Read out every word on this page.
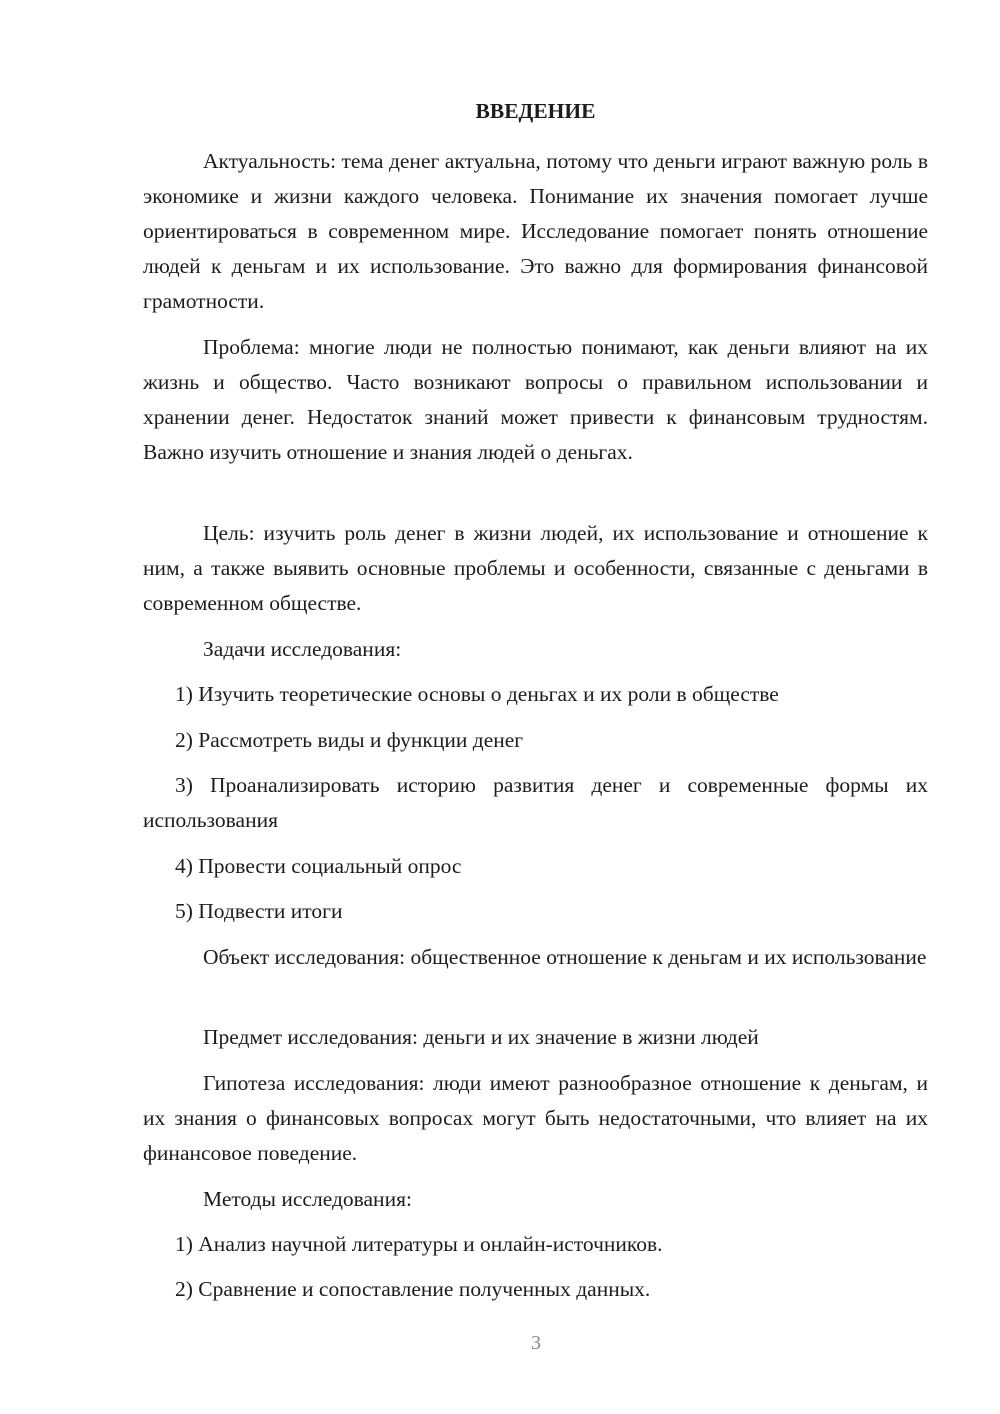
ВВЕДЕНИЕ

Актуальность: тема денег актуальна, потому что деньги играют важную роль в экономике и жизни каждого человека. Понимание их значения помогает лучше ориентироваться в современном мире. Исследование помогает понять отношение людей к деньгам и их использование. Это важно для формирования финансовой грамотности.

Проблема: многие люди не полностью понимают, как деньги влияют на их жизнь и общество. Часто возникают вопросы о правильном использовании и хранении денег. Недостаток знаний может привести к финансовым трудностям. Важно изучить отношение и знания людей о деньгах.

Цель: изучить роль денег в жизни людей, их использование и отношение к ним, а также выявить основные проблемы и особенности, связанные с деньгами в современном обществе.

Задачи исследования:

1) Изучить теоретические основы о деньгах и их роли в обществе

2) Рассмотреть виды и функции денег

3) Проанализировать историю развития денег и современные формы их использования

4) Провести социальный опрос

5) Подвести итоги

Объект исследования: общественное отношение к деньгам и их использование

Предмет исследования: деньги и их значение в жизни людей

Гипотеза исследования: люди имеют разнообразное отношение к деньгам, и их знания о финансовых вопросах могут быть недостаточными, что влияет на их финансовое поведение.

Методы исследования:

1) Анализ научной литературы и онлайн-источников.

2) Сравнение и сопоставление полученных данных.

3
